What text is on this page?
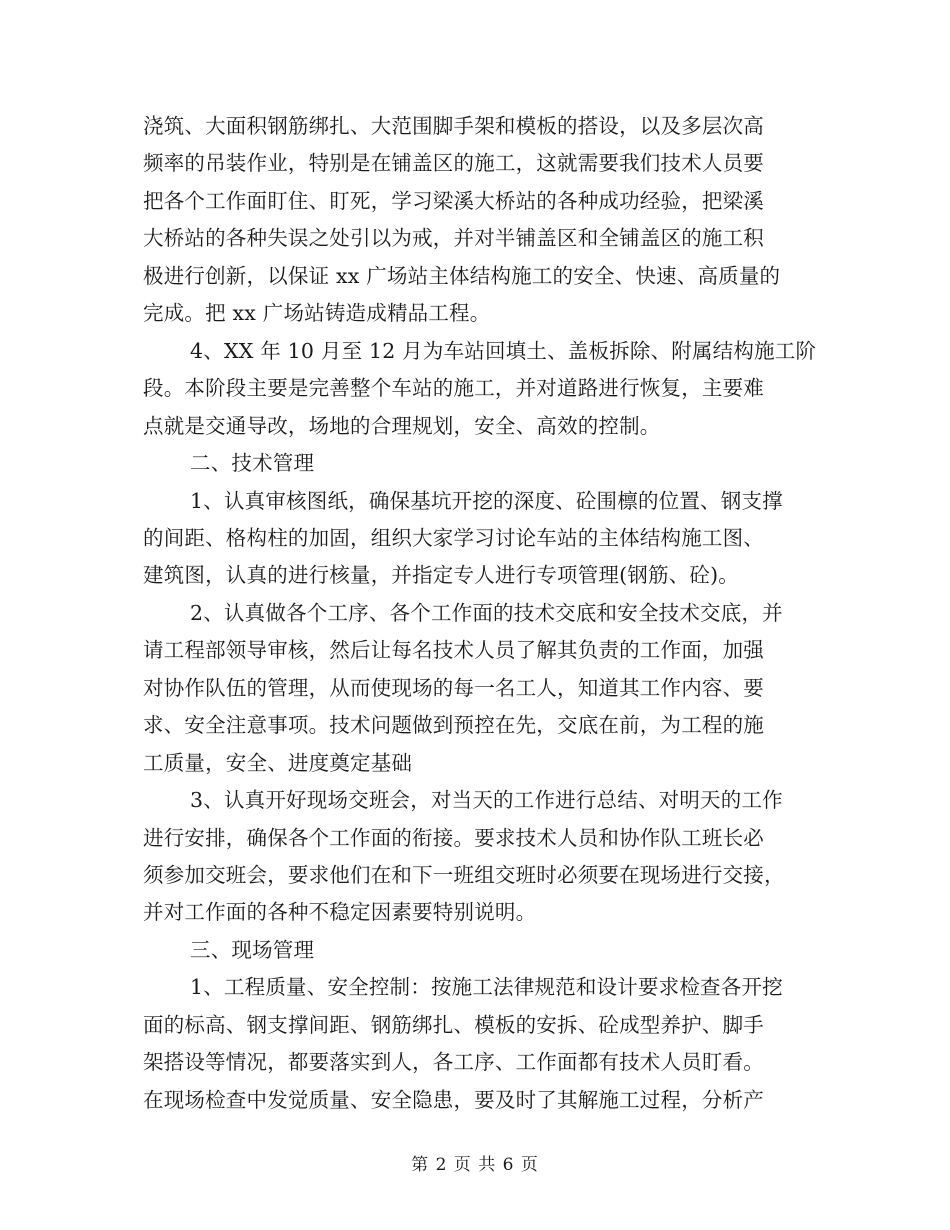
浇筑、大面积钢筋绑扎、大范围脚手架和模板的搭设，以及多层次高
频率的吊装作业，特别是在铺盖区的施工，这就需要我们技术人员要
把各个工作面盯住、盯死，学习梁溪大桥站的各种成功经验，把梁溪
大桥站的各种失误之处引以为戒，并对半铺盖区和全铺盖区的施工积
极进行创新，以保证 xx 广场站主体结构施工的安全、快速、高质量的
完成。把 xx 广场站铸造成精品工程。
4、XX 年 10 月至 12 月为车站回填土、盖板拆除、附属结构施工阶
段。本阶段主要是完善整个车站的施工，并对道路进行恢复，主要难
点就是交通导改，场地的合理规划，安全、高效的控制。
二、技术管理
1、认真审核图纸，确保基坑开挖的深度、砼围檩的位置、钢支撑
的间距、格构柱的加固，组织大家学习讨论车站的主体结构施工图、
建筑图，认真的进行核量，并指定专人进行专项管理(钢筋、砼)。
2、认真做各个工序、各个工作面的技术交底和安全技术交底，并
请工程部领导审核，然后让每名技术人员了解其负责的工作面，加强
对协作队伍的管理，从而使现场的每一名工人，知道其工作内容、要
求、安全注意事项。技术问题做到预控在先，交底在前，为工程的施
工质量，安全、进度奠定基础
3、认真开好现场交班会，对当天的工作进行总结、对明天的工作
进行安排，确保各个工作面的衔接。要求技术人员和协作队工班长必
须参加交班会，要求他们在和下一班组交班时必须要在现场进行交接，
并对工作面的各种不稳定因素要特别说明。
三、现场管理
1、工程质量、安全控制：按施工法律规范和设计要求检查各开挖
面的标高、钢支撑间距、钢筋绑扎、模板的安拆、砼成型养护、脚手
架搭设等情况，都要落实到人，各工序、工作面都有技术人员盯看。
在现场检查中发觉质量、安全隐患，要及时了其解施工过程，分析产
第 2 页 共 6 页
